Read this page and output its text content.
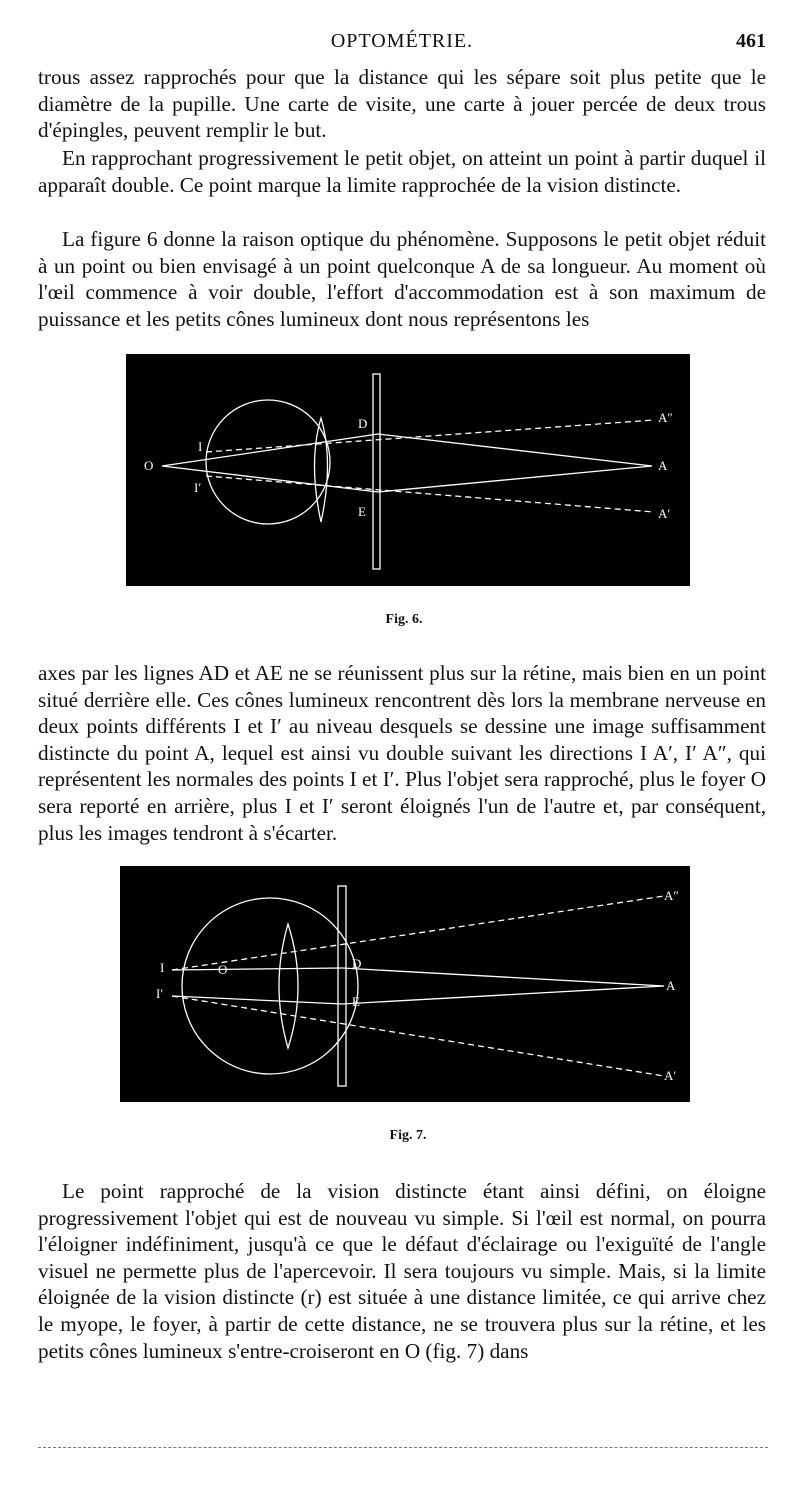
OPTOMÉTRIE.	461

trous assez rapprochés pour que la distance qui les sépare soit plus petite que le diamètre de la pupille. Une carte de visite, une carte à jouer percée de deux trous d'épingles, peuvent remplir le but.

En rapprochant progressivement le petit objet, on atteint un point à partir duquel il apparaît double. Ce point marque la limite rapprochée de la vision distincte.

La figure 6 donne la raison optique du phénomène. Supposons le petit objet réduit à un point ou bien envisagé à un point quelconque A de sa longueur. Au moment où l'œil commence à voir double, l'effort d'accommodation est à son maximum de puissance et les petits cônes lumineux dont nous représentons les

O
I
I′
D
E
A
A′
A″
Fig. 6.

axes par les lignes AD et AE ne se réunissent plus sur la rétine, mais bien en un point situé derrière elle. Ces cônes lumineux rencontrent dès lors la membrane nerveuse en deux points différents I et I′ au niveau desquels se dessine une image suffisamment distincte du point A, lequel est ainsi vu double suivant les directions I A′, I′ A″, qui représentent les normales des points I et I′. Plus l'objet sera rapproché, plus le foyer O sera reporté en arrière, plus I et I′ seront éloignés l'un de l'autre et, par conséquent, plus les images tendront à s'écarter.

I
I′
O	D
E
A
A′
A″
Fig. 7.

Le point rapproché de la vision distincte étant ainsi défini, on éloigne progressivement l'objet qui est de nouveau vu simple. Si l'œil est normal, on pourra l'éloigner indéfiniment, jusqu'à ce que le défaut d'éclairage ou l'exiguïté de l'angle visuel ne permette plus de l'apercevoir. Il sera toujours vu simple. Mais, si la limite éloignée de la vision distincte (r) est située à une distance limitée, ce qui arrive chez le myope, le foyer, à partir de cette distance, ne se trouvera plus sur la rétine, et les petits cônes lumineux s'entre-croiseront en O (fig. 7) dans
